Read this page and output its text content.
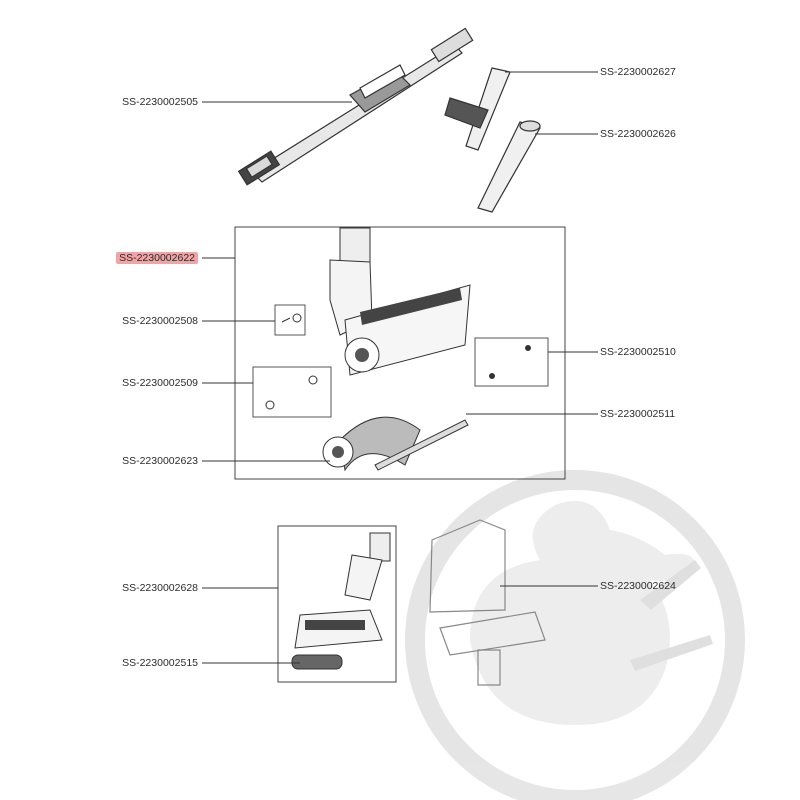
SS-2230002505
SS-2230002627
SS-2230002626
SS-2230002622
SS-2230002508
SS-2230002509
SS-2230002510
SS-2230002511
SS-2230002623
SS-2230002628	SS-2230002624
SS-2230002515
